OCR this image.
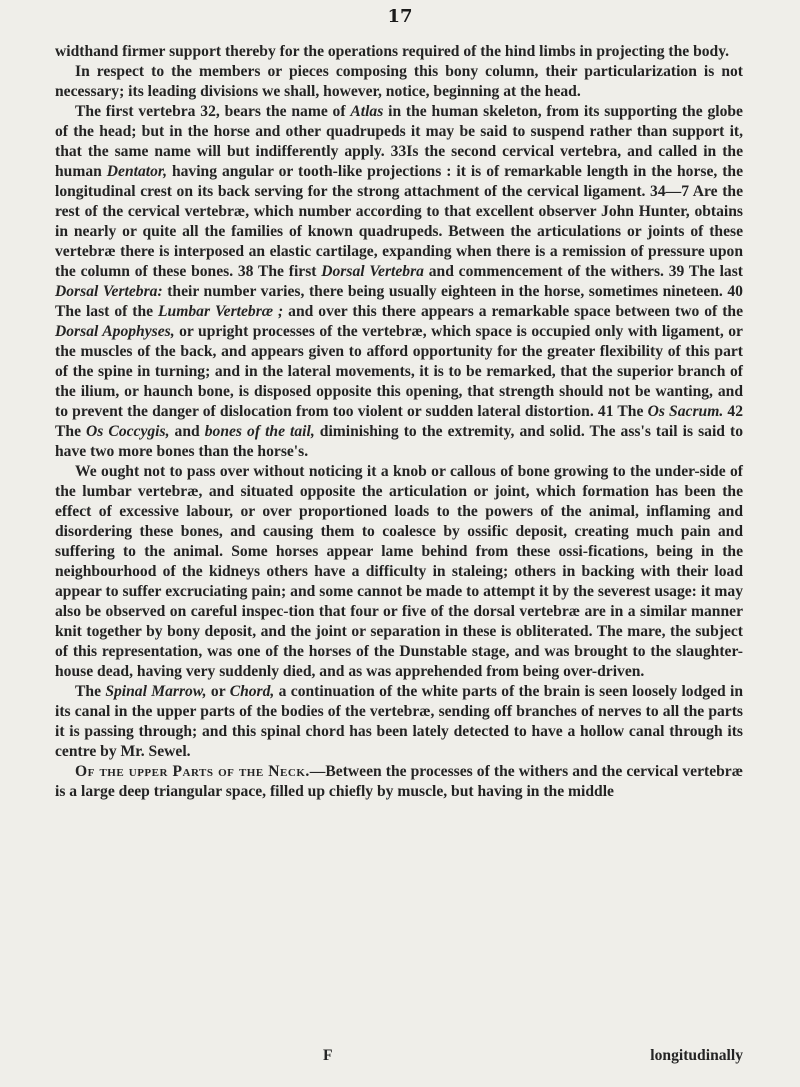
17

widthand firmer support thereby for the operations required of the hind limbs in projecting the body.

In respect to the members or pieces composing this bony column, their particularization is not necessary; its leading divisions we shall, however, notice, beginning at the head.

The first vertebra 32, bears the name of Atlas in the human skeleton, from its supporting the globe of the head; but in the horse and other quadrupeds it may be said to suspend rather than support it, that the same name will but indifferently apply. 33Is the second cervical vertebra, and called in the human Dentator, having angular or tooth-like projections : it is of remarkable length in the horse, the longitudinal crest on its back serving for the strong attachment of the cervical ligament. 34—7 Are the rest of the cervical vertebræ, which number according to that excellent observer John Hunter, obtains in nearly or quite all the families of known quadrupeds. Between the articulations or joints of these vertebræ there is interposed an elastic cartilage, expanding when there is a remission of pressure upon the column of these bones. 38 The first Dorsal Vertebra and commencement of the withers. 39 The last Dorsal Vertebra: their number varies, there being usually eighteen in the horse, sometimes nineteen. 40 The last of the Lumbar Vertebræ ; and over this there appears a remarkable space between two of the Dorsal Apophyses, or upright processes of the vertebræ, which space is occupied only with ligament, or the muscles of the back, and appears given to afford opportunity for the greater flexibility of this part of the spine in turning; and in the lateral movements, it is to be remarked, that the superior branch of the ilium, or haunch bone, is disposed opposite this opening, that strength should not be wanting, and to prevent the danger of dislocation from too violent or sudden lateral distortion. 41 The Os Sacrum. 42 The Os Coccygis, and bones of the tail, diminishing to the extremity, and solid. The ass's tail is said to have two more bones than the horse's.

We ought not to pass over without noticing it a knob or callous of bone growing to the under-side of the lumbar vertebræ, and situated opposite the articulation or joint, which formation has been the effect of excessive labour, or over proportioned loads to the powers of the animal, inflaming and disordering these bones, and causing them to coalesce by ossific deposit, creating much pain and suffering to the animal. Some horses appear lame behind from these ossi-fications, being in the neighbourhood of the kidneys others have a difficulty in staleing; others in backing with their load appear to suffer excruciating pain; and some cannot be made to attempt it by the severest usage: it may also be observed on careful inspec-tion that four or five of the dorsal vertebræ are in a similar manner knit together by bony deposit, and the joint or separation in these is obliterated. The mare, the subject of this representation, was one of the horses of the Dunstable stage, and was brought to the slaughter-house dead, having very suddenly died, and as was apprehended from being over-driven.

The Spinal Marrow, or Chord, a continuation of the white parts of the brain is seen loosely lodged in its canal in the upper parts of the bodies of the vertebræ, sending off branches of nerves to all the parts it is passing through; and this spinal chord has been lately detected to have a hollow canal through its centre by Mr. Sewel.

Of the upper Parts of the Neck.—Between the processes of the withers and the cervical vertebræ is a large deep triangular space, filled up chiefly by muscle, but having in the middle

F	longitudinally
